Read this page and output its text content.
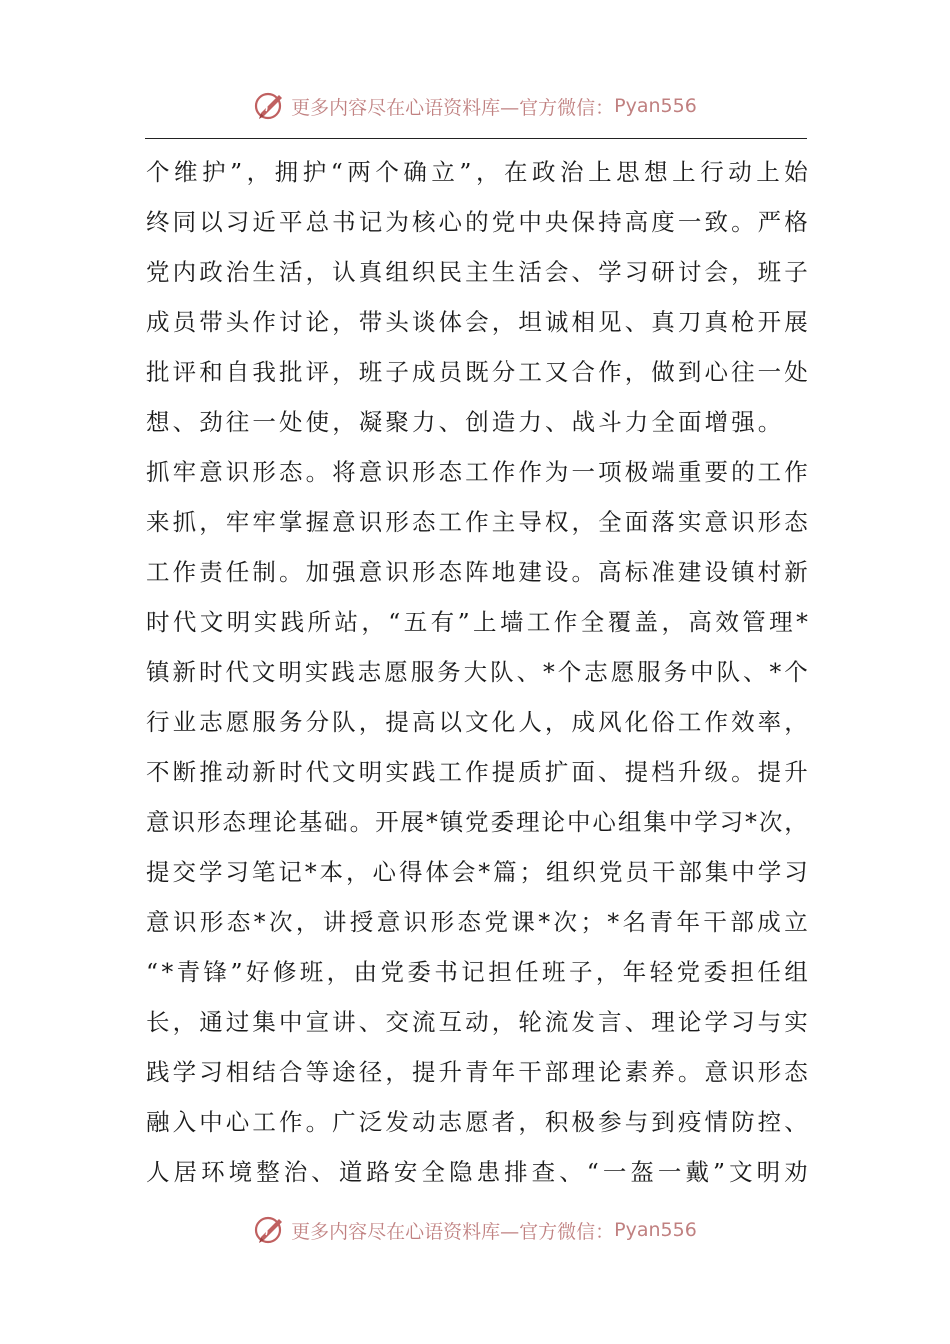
更多内容尽在心语资料库—官方微信： Pyan556
个 维 护 ” ， 拥 护 “ 两 个 确 立 ” ， 在 政 治 上 思 想 上 行 动 上 始
终 同 以 习 近 平 总 书 记 为 核 心 的 党 中 央 保 持 高 度 一 致 。 严 格
党 内 政 治 生 活 ， 认 真 组 织 民 主 生 活 会 、 学 习 研 讨 会 ， 班 子
成 员 带 头 作 讨 论 ， 带 头 谈 体 会 ， 坦 诚 相 见 、 真 刀 真 枪 开 展
批 评 和 自 我 批 评 ， 班 子 成 员 既 分 工 又 合 作 ， 做 到 心 往 一 处
想、劲往一处使，凝聚力、创造力、战斗力全面增强。
抓 牢 意 识 形 态 。 将 意 识 形 态 工 作 作 为 一 项 极 端 重 要 的 工 作
来 抓 ， 牢 牢 掌 握 意 识 形 态 工 作 主 导 权 ， 全 面 落 实 意 识 形 态
工 作 责 任 制 。 加 强 意 识 形 态 阵 地 建 设 。 高 标 准 建 设 镇 村 新
时 代 文 明 实 践 所 站 ， “ 五 有 ” 上 墙 工 作 全 覆 盖 ， 高 效 管 理 *
镇 新 时 代 文 明 实 践 志 愿 服 务 大 队 、 * 个 志 愿 服 务 中 队 、 * 个
行 业 志 愿 服 务 分 队 ， 提 高 以 文 化 人 ， 成 风 化 俗 工 作 效 率 ，
不 断 推 动 新 时 代 文 明 实 践 工 作 提 质 扩 面 、 提 档 升 级 。 提 升
意 识 形 态 理 论 基 础 。 开 展 * 镇 党 委 理 论 中 心 组 集 中 学 习 * 次 ，
提 交 学 习 笔 记 * 本 ， 心 得 体 会 * 篇 ； 组 织 党 员 干 部 集 中 学 习
意 识 形 态 * 次 ， 讲 授 意 识 形 态 党 课 * 次 ； * 名 青 年 干 部 成 立
“ * 青 锋 ” 好 修 班 ， 由 党 委 书 记 担 任 班 子 ， 年 轻 党 委 担 任 组
长 ， 通 过 集 中 宣 讲 、 交 流 互 动 ， 轮 流 发 言 、 理 论 学 习 与 实
践 学 习 相 结 合 等 途 径 ， 提 升 青 年 干 部 理 论 素 养 。 意 识 形 态
融 入 中 心 工 作 。 广 泛 发 动 志 愿 者 ， 积 极 参 与 到 疫 情 防 控 、
人 居 环 境 整 治 、 道 路 安 全 隐 患 排 查 、 “ 一 盔 一 戴 ” 文 明 劝
更多内容尽在心语资料库—官方微信： Pyan556
